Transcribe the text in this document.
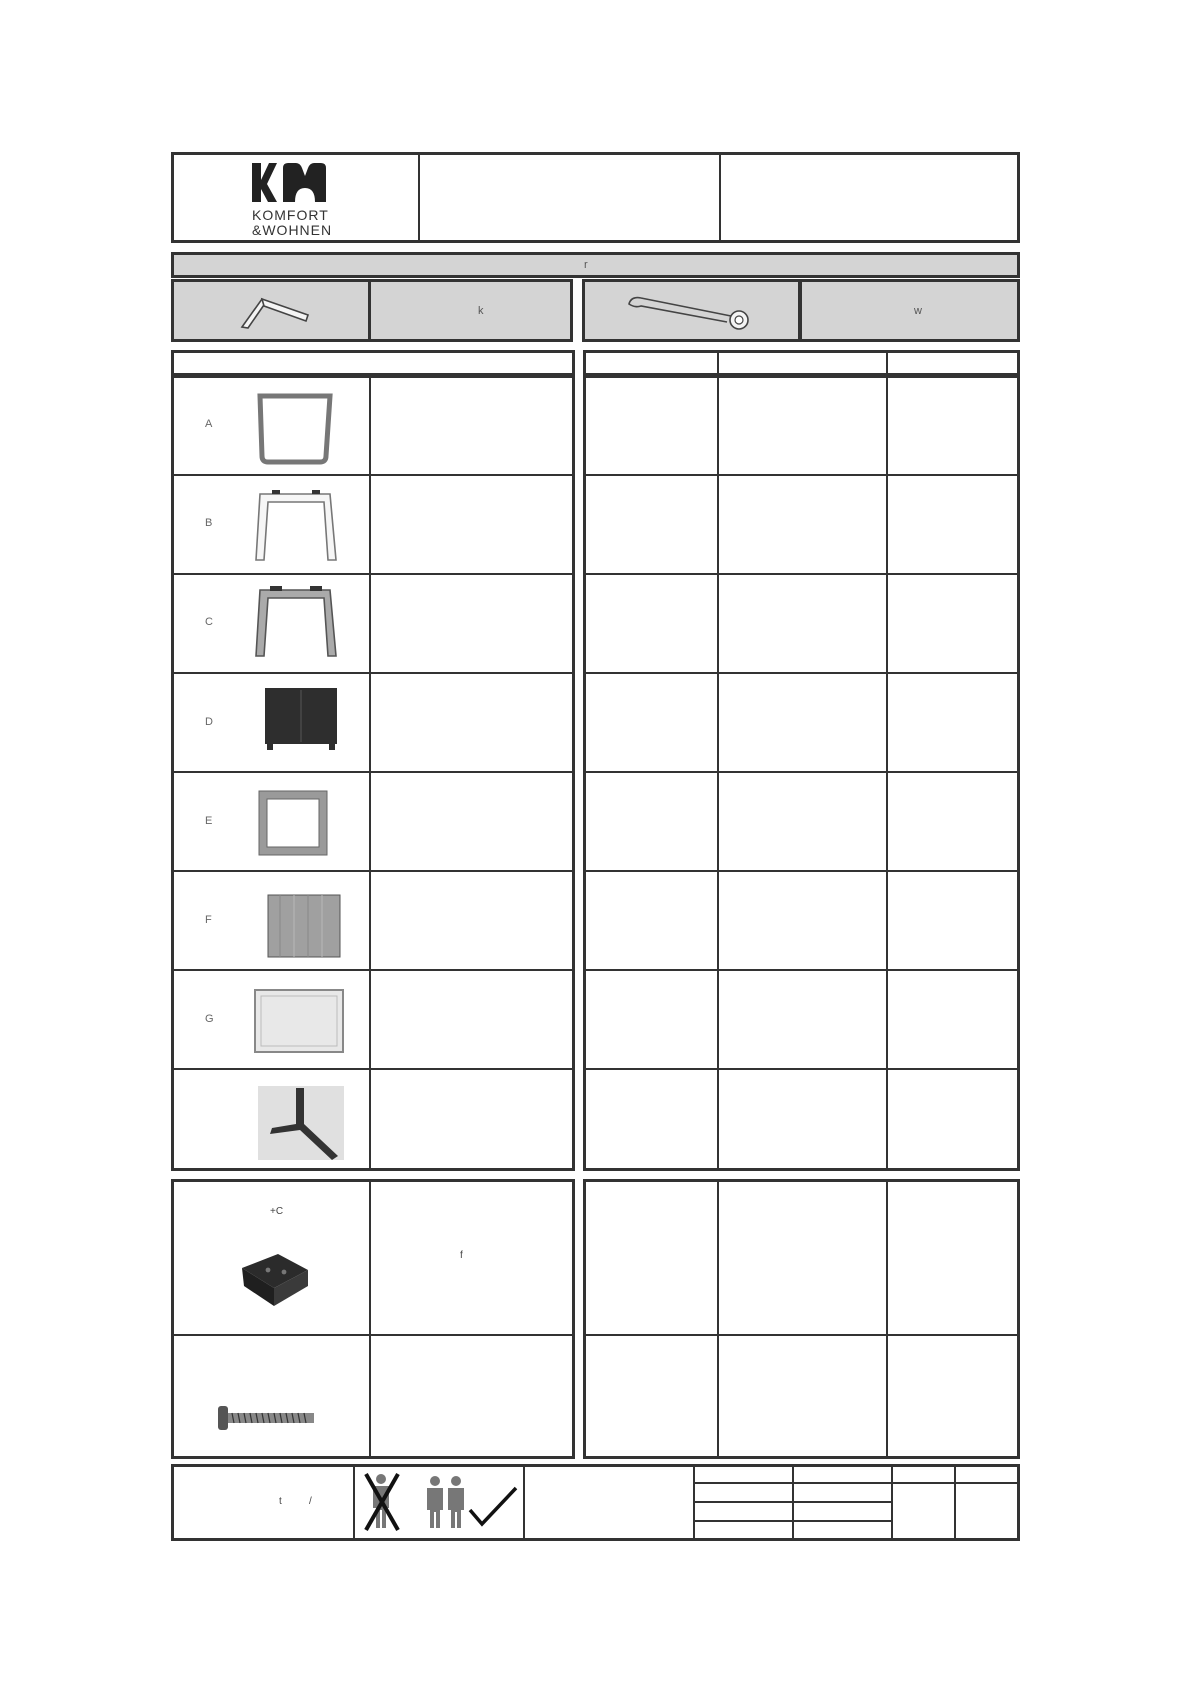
KOMFORT
&WOHNEN
r
k	w
A
B
C
D
E
F
G
+C
f
t	/
